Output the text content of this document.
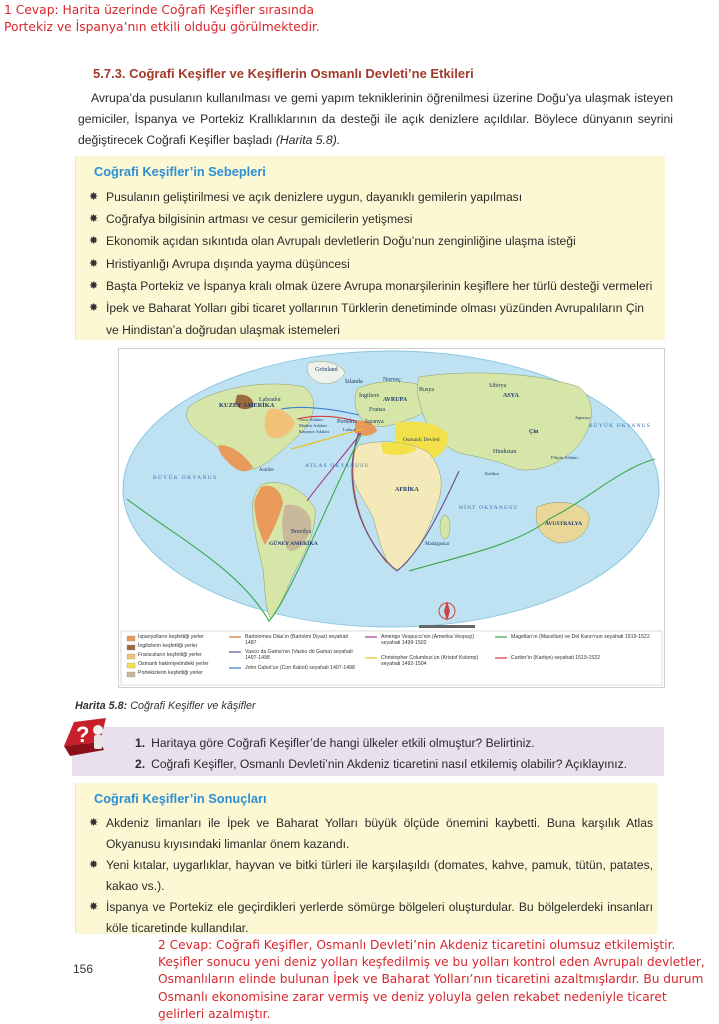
1 Cevap: Harita üzerinde Coğrafi Keşifler sırasında Portekiz ve İspanya’nın etkili olduğu görülmektedir.
5.7.3. Coğrafi Keşifler ve Keşiflerin Osmanlı Devleti’ne Etkileri

Avrupa’da pusulanın kullanılması ve gemi yapım tekniklerinin öğrenilmesi üzerine Doğu’ya ulaşmak isteyen gemiciler, İspanya ve Portekiz Krallıklarının da desteği ile açık denizlere açıldılar. Böylece dünyanın seyrini değiştirecek Coğrafi Keşifler başladı (Harita 5.8).

Coğrafi Keşifler’in Sebepleri
✸ Pusulanın geliştirilmesi ve açık denizlere uygun, dayanıklı gemilerin yapılması
✸ Coğrafya bilgisinin artması ve cesur gemicilerin yetişmesi
✸ Ekonomik açıdan sıkıntıda olan Avrupalı devletlerin Doğu’nun zenginliğine ulaşma isteği
✸ Hristiyanlığı Avrupa dışında yayma düşüncesi
✸ Başta Portekiz ve İspanya kralı olmak üzere Avrupa monarşilerinin keşiflere her türlü desteği vermeleri
✸ İpek ve Baharat Yolları gibi ticaret yollarının Türklerin denetiminde olması yüzünden Avrupalıların Çin ve Hindistan’a doğrudan ulaşmak istemeleri
Grönland
İzlanda	Norveç
KUZEY AMERİKA
Labrador
İngiltere
Fransa
AVRUPA
Rusya
Sibirya
ASYA
Portekiz İspanya
Osmanlı Devleti
Çin
Hindistan
AFRİKA
GÜNEY AMERİKA
Brezilya
ATLAS OKYANUSU
BÜYÜK OKYANUS
BÜYÜK OKYANUS
HİNT OKYANUSU
AVUSTRALYA
Madagaskar
Azor Adaları
Madeir Adaları
Kanarya Adaları
Antiller
Filipin Adaları
Japonya
Kalikut
Lizbon
İspanyolların keşfettiği yerler
İngilizlerin keşfettiği yerler
Fransızların keşfettiği yerler
Osmanlı hakimiyetindeki yerler
Portekizlerin keşfettiği yerler
Bartolomeu Dias’ın (Bartolmi Diyaz) seyahati 1487
Vasco da Gama’nın (Vasko dö Gama) seyahati 1497-1498
John Cabot’un (Con Kabot) seyahati 1497-1498
Amerigo Vespucci’nin (Amerika Vespuçi) seyahati 1499-1502
Christopher Columbus’un (Kristof Kolomp) seyahati 1492-1504
Magellan’ın (Macellan) ve Del Kano’nun seyahati 1519-1522
Cartier’in (Kartiye) seyahati 1519-1522
Harita 5.8: Coğrafi Keşifler ve kâşifler
?	1. Haritaya göre Coğrafi Keşifler’de hangi ülkeler etkili olmuştur? Belirtiniz.
2. Coğrafi Keşifler, Osmanlı Devleti’nin Akdeniz ticaretini nasıl etkilemiş olabilir? Açıklayınız.
Coğrafi Keşifler’in Sonuçları
✸ Akdeniz limanları ile İpek ve Baharat Yolları büyük ölçüde önemini kaybetti. Buna karşılık Atlas Okyanusu kıyısındaki limanlar önem kazandı.
✸ Yeni kıtalar, uygarlıklar, hayvan ve bitki türleri ile karşılaşıldı (domates, kahve, pamuk, tütün, patates, kakao vs.).
✸ İspanya ve Portekiz ele geçirdikleri yerlerde sömürge bölgeleri oluşturdular. Bu bölgelerdeki insanları köle ticaretinde kullandılar.
156
2 Cevap: Coğrafi Keşifler, Osmanlı Devleti’nin Akdeniz ticaretini olumsuz etkilemiştir. Keşifler sonucu yeni deniz yolları keşfedilmiş ve bu yolları kontrol eden Avrupalı devletler, Osmanlıların elinde bulunan İpek ve Baharat Yolları’nın ticaretini azaltmışlardır. Bu durum Osmanlı ekonomisine zarar vermiş ve deniz yoluyla gelen rekabet nedeniyle ticaret gelirleri azalmıştır.
